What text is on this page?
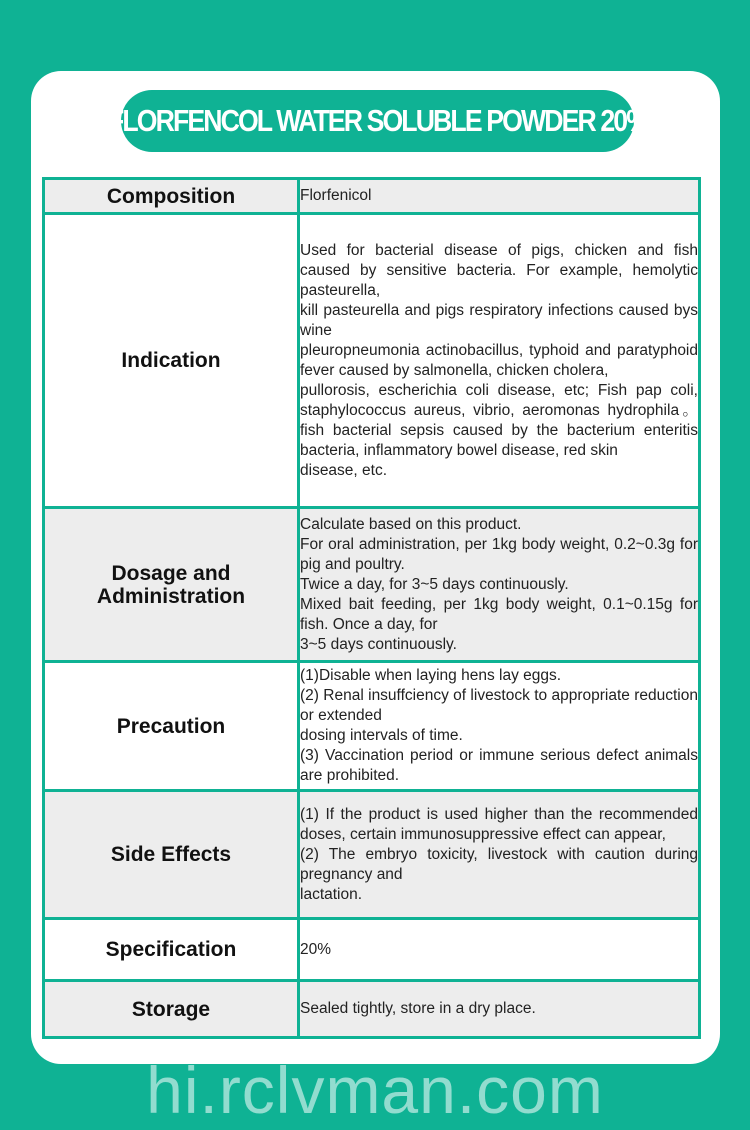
FLORFENCOL WATER SOLUBLE POWDER 20%
Composition	Florfenicol

Indication	Used for bacterial disease of pigs, chicken and fish caused by sensitive bacteria. For example, hemolytic pasteurella,
kill pasteurella and pigs respiratory infections caused bys wine
pleuropneumonia actinobacillus, typhoid and paratyphoid fever caused by salmonella, chicken cholera,
pullorosis, escherichia coli disease, etc; Fish pap coli, staphylococcus aureus, vibrio, aeromonas hydrophila。fish bacterial sepsis caused by the bacterium enteritis bacteria, inflammatory bowel disease, red skin
disease, etc.

Dosage and Administration	Calculate based on this product.
For oral administration, per 1kg body weight, 0.2~0.3g for pig and poultry.
Twice a day, for 3~5 days continuously.
Mixed bait feeding, per 1kg body weight, 0.1~0.15g for fish. Once a day, for
3~5 days continuously.

Precaution	(1)Disable when laying hens lay eggs.
(2) Renal insuffciency of livestock to appropriate reduction or extended
dosing intervals of time.
(3) Vaccination period or immune serious defect animals are prohibited.

Side Effects	(1) If the product is used higher than the recommended doses, certain immunosuppressive effect can appear,
(2) The embryo toxicity, livestock with caution during pregnancy and
lactation.

Specification	20%

Storage	Sealed tightly, store in a dry place.
hi.rclvman.com
